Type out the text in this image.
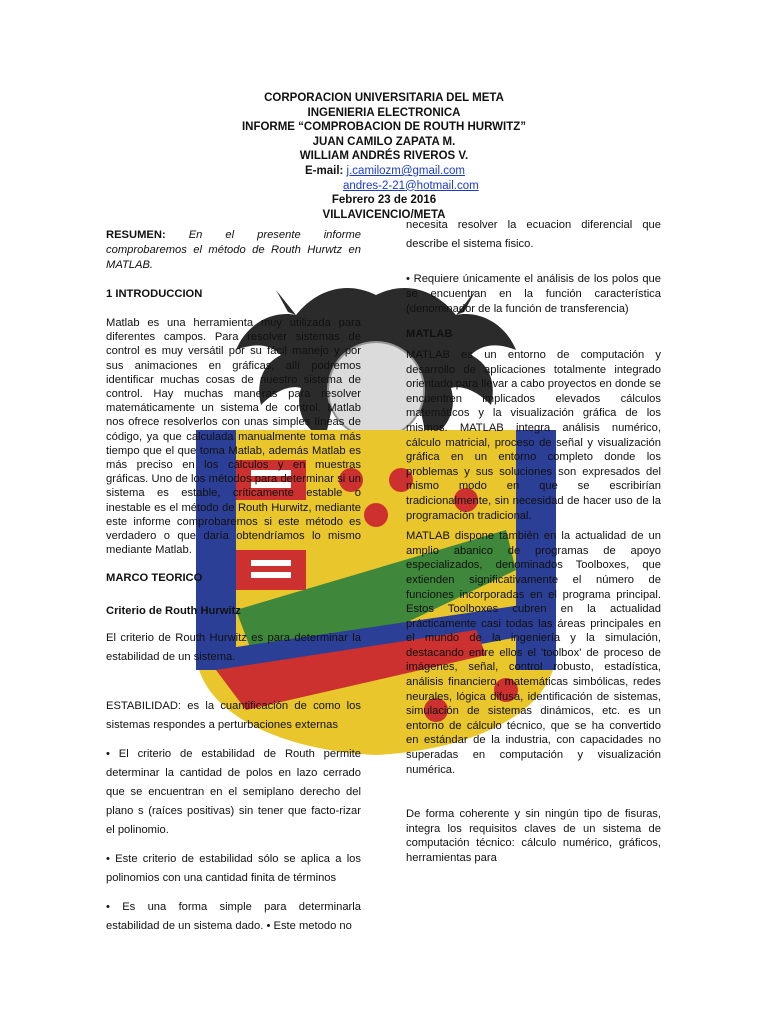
CORPORACION UNIVERSITARIA DEL META
INGENIERIA ELECTRONICA
INFORME “COMPROBACION DE ROUTH HURWITZ”
JUAN CAMILO ZAPATA M.
WILLIAM ANDRÉS RIVEROS V.
E-mail: j.camilozm@gmail.com
andres-2-21@hotmail.com
Febrero 23 de 2016
VILLAVICENCIO/META

RESUMEN: En el presente informe comprobaremos el método de Routh Hurwtz en MATLAB.

1 INTRODUCCION

Matlab es una herramienta muy utilizada para diferentes campos. Para resolver sistemas de control es muy versátil por su fácil manejo y por sus animaciones en gráficas, allí podremos identificar muchas cosas de nuestro sistema de control. Hay muchas maneras para resolver matemáticamente un sistema de control. Matlab nos ofrece resolverlos con unas simples líneas de código, ya que calculada manualmente toma más tiempo que el que toma Matlab, además Matlab es más preciso en los cálculos y en muestras gráficas. Uno de los métodos para determinar si un sistema es estable, críticamente estable o inestable es el método de Routh Hurwitz, mediante este informe comprobaremos si este método es verdadero o que daría obtendríamos lo mismo mediante Matlab.

MARCO TEORICO

Criterio de Routh Hurwitz

El criterio de Routh Hurwitz es para determinar la estabilidad de un sistema.

ESTABILIDAD: es la cuantificación de como los sistemas respondes a perturbaciones externas

• El criterio de estabilidad de Routh permite determinar la cantidad de polos en lazo cerrado que se encuentran en el semiplano derecho del plano s (raíces positivas) sin tener que facto-rizar el polinomio.

• Este criterio de estabilidad sólo se aplica a los polinomios con una cantidad finita de términos

• Es una forma simple para determinarla estabilidad de un sistema dado. • Este metodo no

necesita resolver la ecuacion diferencial que describe el sistema fisico.

• Requiere únicamente el análisis de los polos que se encuentran en la función característica (denominador de la función de transferencia)

MATLAB

MATLAB es un entorno de computación y desarrollo de aplicaciones totalmente integrado orientado para llevar a cabo proyectos en donde se encuentren implicados elevados cálculos matemáticos y la visualización gráfica de los mismos. MATLAB integra análisis numérico, cálculo matricial, proceso de señal y visualización gráfica en un entorno completo donde los problemas y sus soluciones son expresados del mismo modo en que se escribirían tradicionalmente, sin necesidad de hacer uso de la programación tradicional.

MATLAB dispone también en la actualidad de un amplio abanico de programas de apoyo especializados, denominados Toolboxes, que extienden significativamente el número de funciones incorporadas en el programa principal. Estos Toolboxes cubren en la actualidad prácticamente casi todas las áreas principales en el mundo de la ingeniería y la simulación, destacando entre ellos el 'toolbox' de proceso de imágenes, señal, control robusto, estadística, análisis financiero, matemáticas simbólicas, redes neurales, lógica difusa, identificación de sistemas, simulación de sistemas dinámicos, etc. es un entorno de cálculo técnico, que se ha convertido en estándar de la industria, con capacidades no superadas en computación y visualización numérica.

De forma coherente y sin ningún tipo de fisuras, integra los requisitos claves de un sistema de computación técnico: cálculo numérico, gráficos, herramientas para
